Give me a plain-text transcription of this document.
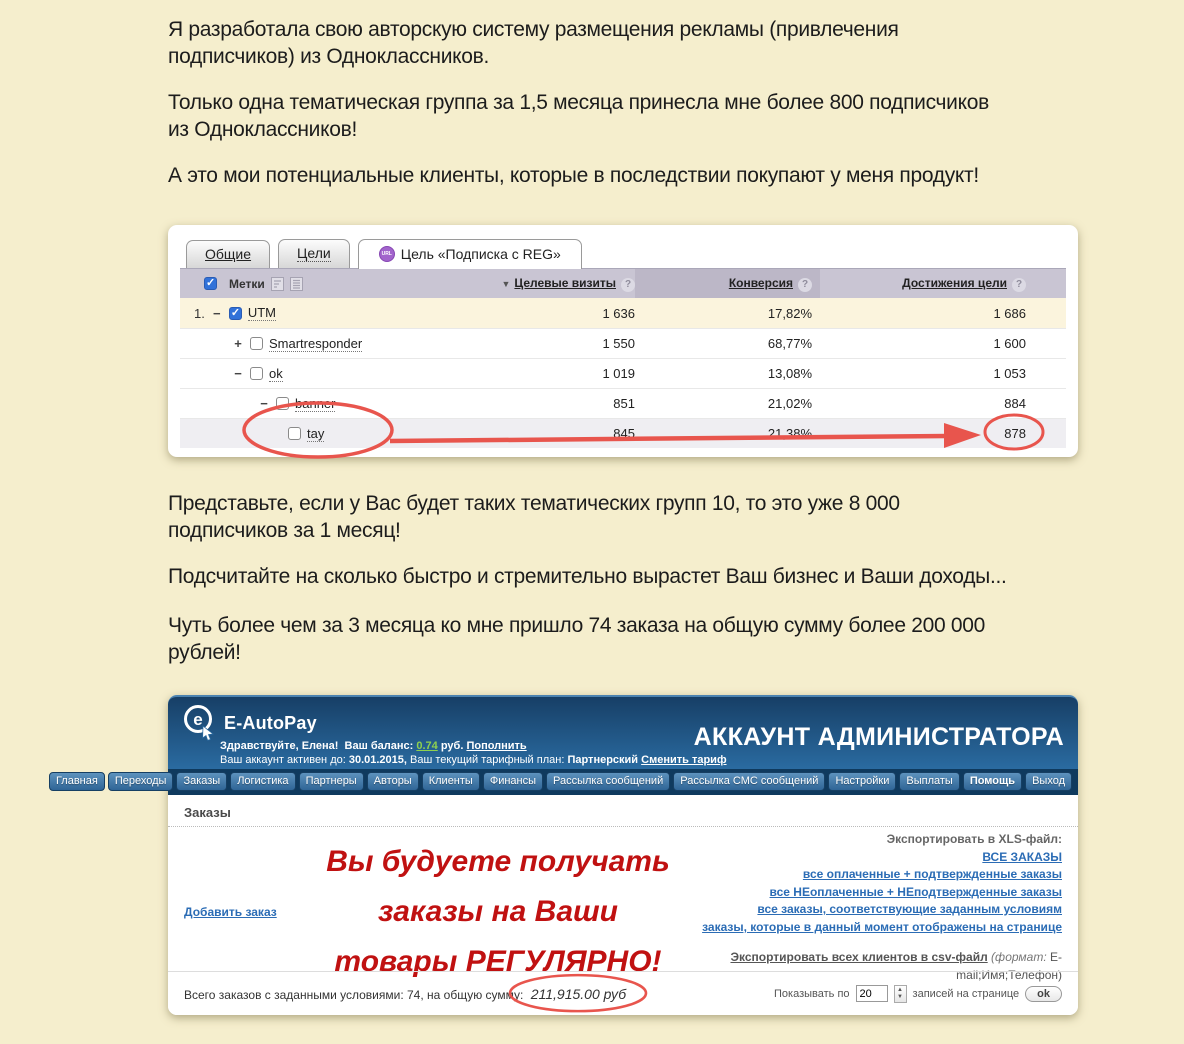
Я разработала свою авторскую систему размещения рекламы (привлечения
подписчиков) из Одноклассников.
Только одна тематическая группа за 1,5 месяца принесла мне более 800 подписчиков
из Одноклассников!
А это мои потенциальные клиенты, которые в последствии покупают у меня продукт!
Общие	Цели	URL Цель «Подписка с REG»
✓
Метки	▼ Целевые визиты ?	Конверсия ?	Достижения цели?
1. − ✓ UTM	1 636	17,82%	1 686
+ Smartresponder	1 550	68,77%	1 600
− ok	1 019	13,08%	1 053
− banner	851	21,02%	884
tay	845	21,38%	878
Представьте, если у Вас будет таких тематических групп 10, то это уже 8 000
подписчиков за 1 месяц!
Подсчитайте на сколько быстро и стремительно вырастет Ваш бизнес и Ваши доходы...
Чуть более чем за 3 месяца ко мне пришло 74 заказа на общую сумму более 200 000
рублей!
e E-AutoPay
Здравствуйте, Елена! Ваш баланс: 0.74 руб. Пополнить
Ваш аккаунт активен до: 30.01.2015, Ваш текущий тарифный план: Партнерский Сменить тариф
АККАУНТ АДМИНИСТРАТОРА
Главная	Переходы	Заказы	Логистика	Партнеры	Авторы	Клиенты	Финансы	Рассылка сообщений	Рассылка СМС сообщений	Настройки	Выплаты	Помощь	Выход
Заказы
Добавить заказ
Вы будуете получать
заказы на Ваши
товары РЕГУЛЯРНО!
Экспортировать в XLS-файл:
ВСЕ ЗАКАЗЫ
все оплаченные + подтвержденные заказы
все НЕоплаченные + НЕподтвержденные заказы
все заказы, соответствующие заданным условиям
заказы, которые в данный момент отображены на странице
Экспортировать всех клиентов в csv-файл (формат: E-mail;Имя;Телефон)
Всего заказов с заданными условиями: 74, на общую сумму: 211,915.00 руб	Показывать по
20	▲
▼ записей на странице	ok
